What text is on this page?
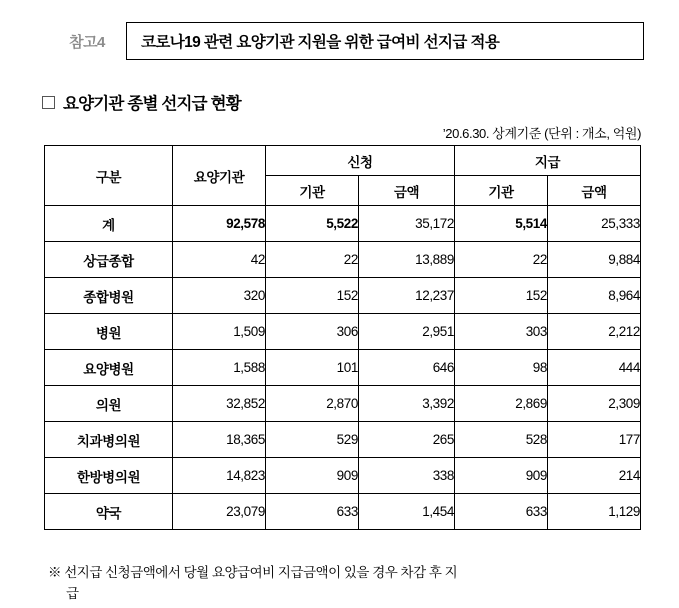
참고4	코로나19 관련 요양기관 지원을 위한 급여비 선지급 적용
요양기관 종별 선지급 현황
’20.6.30. 상계기준 (단위 : 개소, 억원)
구분	요양기관	신청		지급	
		기관	금액	기관	금액
계	92,578	5,522	35,172	5,514	25,333
상급종합	42	22	13,889	22	9,884
종합병원	320	152	12,237	152	8,964
병원	1,509	306	2,951	303	2,212
요양병원	1,588	101	646	98	444
의원	32,852	2,870	3,392	2,869	2,309
치과병의원	18,365	529	265	528	177
한방병의원	14,823	909	338	909	214
약국	23,079	633	1,454	633	1,129
※ 선지급 신청금액에서 당월 요양급여비 지급금액이 있을 경우 차감 후 지
급
